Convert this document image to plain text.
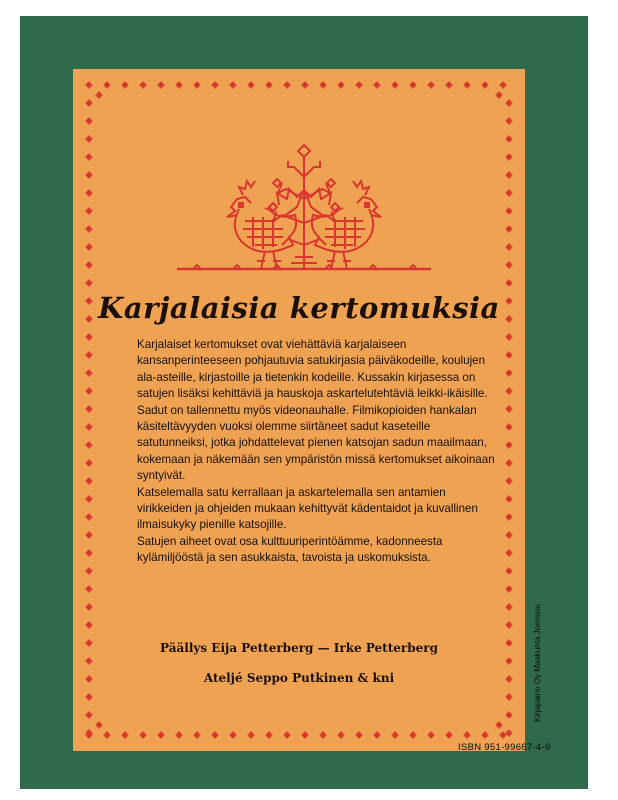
Karjalaisia kertomuksia

Karjalaiset kertomukset ovat viehättäviä karjalaiseen kansanperinteeseen pohjautuvia satukirjasia päiväkodeille, koulujen ala-asteille, kirjastoille ja tietenkin kodeille. Kussakin kirjasessa on satujen lisäksi kehittäviä ja hauskoja askartelutehtäviä leikki-ikäisille. Sadut on tallennettu myös videonauhalle. Filmikopioiden hankalan käsiteltävyyden vuoksi olemme siirtäneet sadut kaseteille satutunneiksi, jotka johdattelevat pienen katsojan sadun maailmaan, kokemaan ja näkemään sen ympäristön missä kertomukset aikoinaan syntyivät.

Katselemalla satu kerrallaan ja askartelemalla sen antamien virikkeiden ja ohjeiden mukaan kehittyvät kädentaidot ja kuvallinen ilmaisukyky pienille katsojille.

Satujen aiheet ovat osa kulttuuriperintöämme, kadonneesta kylämiljööstä ja sen asukkaista, tavoista ja uskomuksista.

Päällys Eija Petterberg — Irke Petterberg
Ateljé Seppo Putkinen & kni
ISBN 951-99667-4-9
Kirjapaino Oy Maakunta Joensuu
